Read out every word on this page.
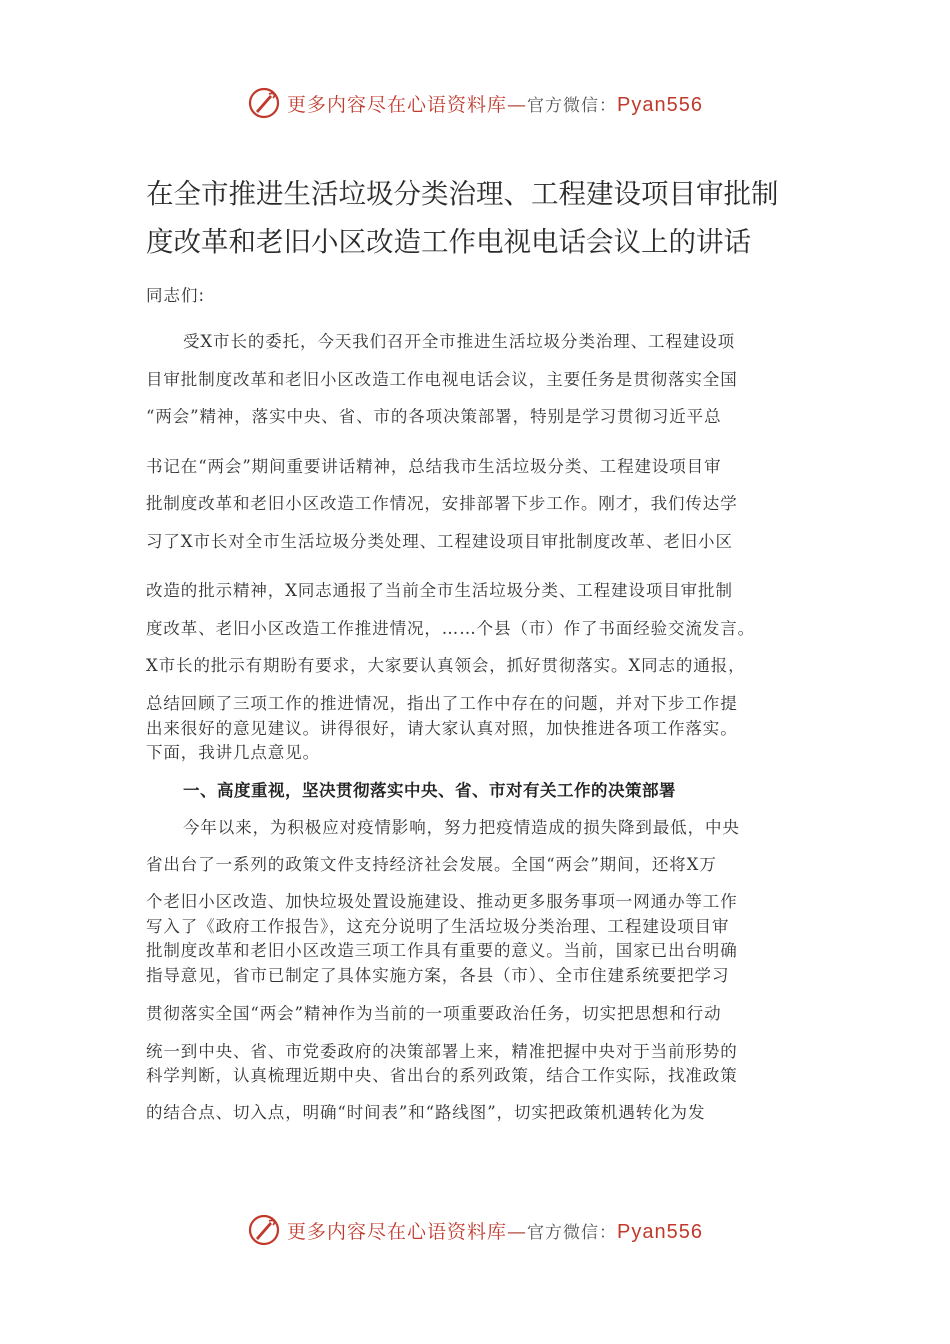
更多内容尽在心语资料库—官方微信：Pyan556
在全市推进生活垃圾分类治理、工程建设项目审批制
度改革和老旧小区改造工作电视电话会议上的讲话
同志们:
受X市长的委托，今天我们召开全市推进生活垃圾分类治理、工程建设项
目审批制度改革和老旧小区改造工作电视电话会议，主要任务是贯彻落实全国
“两会”精神，落实中央、省、市的各项决策部署，特别是学习贯彻习近平总
书记在“两会”期间重要讲话精神，总结我市生活垃圾分类、工程建设项目审
批制度改革和老旧小区改造工作情况，安排部署下步工作。刚才，我们传达学
习了X市长对全市生活垃圾分类处理、工程建设项目审批制度改革、老旧小区
改造的批示精神，X同志通报了当前全市生活垃圾分类、工程建设项目审批制
度改革、老旧小区改造工作推进情况，……个县（市）作了书面经验交流发言。
X市长的批示有期盼有要求，大家要认真领会，抓好贯彻落实。X同志的通报，
总结回顾了三项工作的推进情况，指出了工作中存在的问题，并对下步工作提
出来很好的意见建议。讲得很好，请大家认真对照，加快推进各项工作落实。
下面，我讲几点意见。
一、高度重视，坚决贯彻落实中央、省、市对有关工作的决策部署
今年以来，为积极应对疫情影响，努力把疫情造成的损失降到最低，中央
省出台了一系列的政策文件支持经济社会发展。全国“两会”期间，还将X万
个老旧小区改造、加快垃圾处置设施建设、推动更多服务事项一网通办等工作
写入了《政府工作报告》，这充分说明了生活垃圾分类治理、工程建设项目审
批制度改革和老旧小区改造三项工作具有重要的意义。当前，国家已出台明确
指导意见，省市已制定了具体实施方案，各县（市）、全市住建系统要把学习
贯彻落实全国“两会”精神作为当前的一项重要政治任务，切实把思想和行动
统一到中央、省、市党委政府的决策部署上来，精准把握中央对于当前形势的
科学判断，认真梳理近期中央、省出台的系列政策，结合工作实际，找准政策
的结合点、切入点，明确“时间表”和“路线图”，切实把政策机遇转化为发
更多内容尽在心语资料库—官方微信：Pyan556
